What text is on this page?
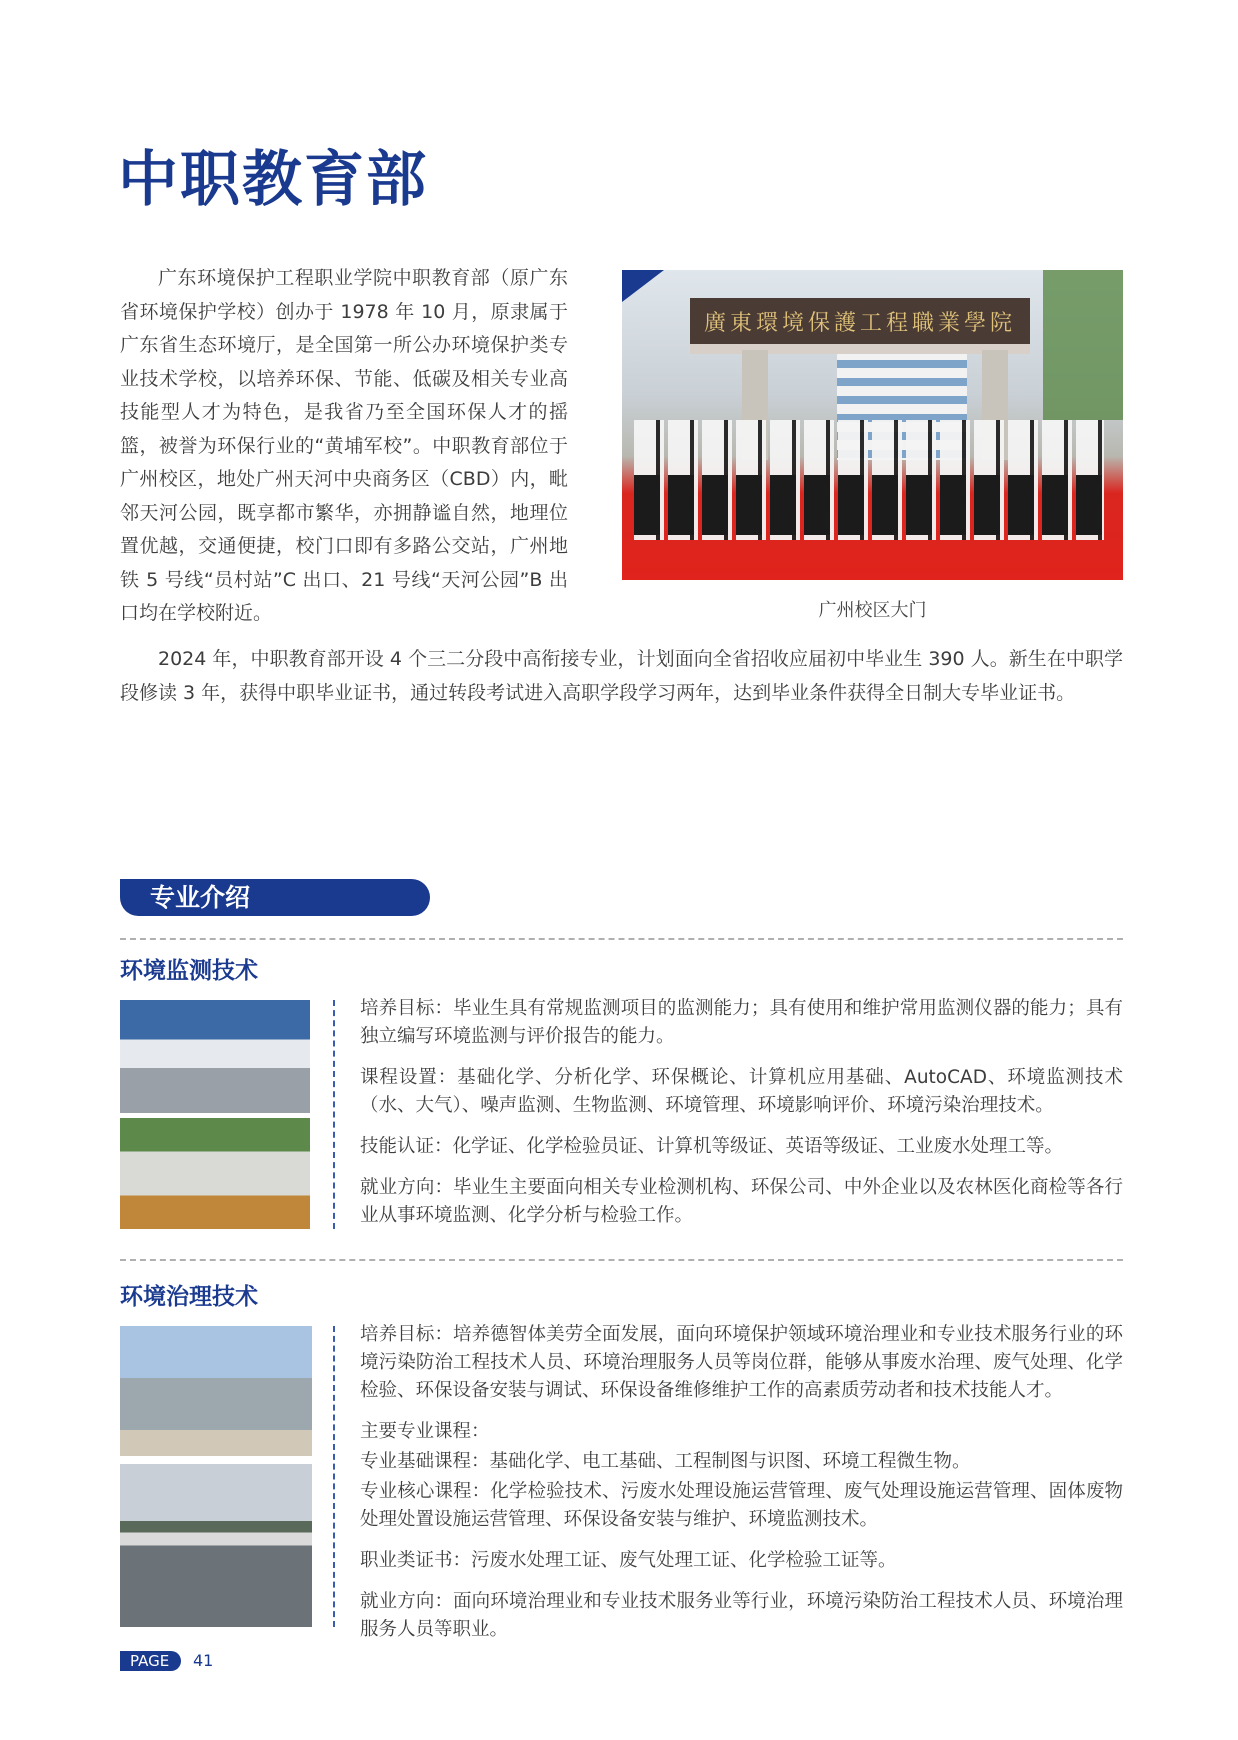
中职教育部

广东环境保护工程职业学院中职教育部（原广东省环境保护学校）创办于 1978 年 10 月，原隶属于广东省生态环境厅，是全国第一所公办环境保护类专业技术学校，以培养环保、节能、低碳及相关专业高技能型人才为特色，是我省乃至全国环保人才的摇篮，被誉为环保行业的“黄埔军校”。中职教育部位于广州校区，地处广州天河中央商务区（CBD）内，毗邻天河公园，既享都市繁华，亦拥静谧自然，地理位置优越，交通便捷，校门口即有多路公交站，广州地铁 5 号线“员村站”C 出口、21 号线“天河公园”B 出口均在学校附近。

廣東環境保護工程職業學院
广州校区大门

2024 年，中职教育部开设 4 个三二分段中高衔接专业，计划面向全省招收应届初中毕业生 390 人。新生在中职学段修读 3 年，获得中职毕业证书，通过转段考试进入高职学段学习两年，达到毕业条件获得全日制大专毕业证书。

专业介绍
环境监测技术

培养目标：毕业生具有常规监测项目的监测能力；具有使用和维护常用监测仪器的能力；具有独立编写环境监测与评价报告的能力。

课程设置：基础化学、分析化学、环保概论、计算机应用基础、AutoCAD、环境监测技术（水、大气）、噪声监测、生物监测、环境管理、环境影响评价、环境污染治理技术。

技能认证：化学证、化学检验员证、计算机等级证、英语等级证、工业废水处理工等。

就业方向：毕业生主要面向相关专业检测机构、环保公司、中外企业以及农林医化商检等各行业从事环境监测、化学分析与检验工作。

环境治理技术

培养目标：培养德智体美劳全面发展，面向环境保护领域环境治理业和专业技术服务行业的环境污染防治工程技术人员、环境治理服务人员等岗位群，能够从事废水治理、废气处理、化学检验、环保设备安装与调试、环保设备维修维护工作的高素质劳动者和技术技能人才。

主要专业课程：

专业基础课程：基础化学、电工基础、工程制图与识图、环境工程微生物。

专业核心课程：化学检验技术、污废水处理设施运营管理、废气处理设施运营管理、固体废物处理处置设施运营管理、环保设备安装与维护、环境监测技术。

职业类证书：污废水处理工证、废气处理工证、化学检验工证等。

就业方向：面向环境治理业和专业技术服务业等行业，环境污染防治工程技术人员、环境治理服务人员等职业。

PAGE	41
